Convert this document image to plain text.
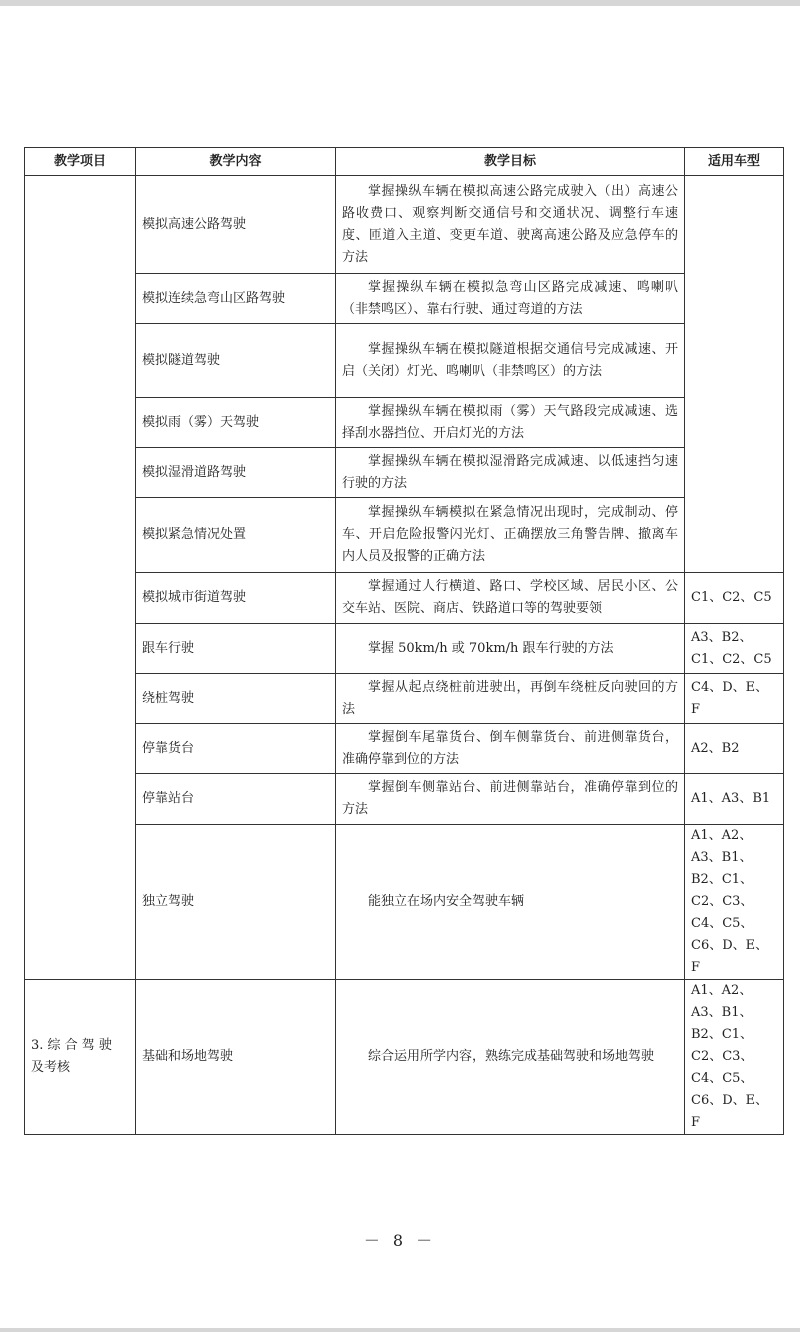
教学项目	教学内容	教学目标	适用车型
	模拟高速公路驾驶	掌握操纵车辆在模拟高速公路完成驶入（出）高速公路收费口、观察判断交通信号和交通状况、调整行车速度、匝道入主道、变更车道、驶离高速公路及应急停车的方法	
	模拟连续急弯山区路驾驶	掌握操纵车辆在模拟急弯山区路完成减速、鸣喇叭（非禁鸣区）、靠右行驶、通过弯道的方法	
	模拟隧道驾驶	掌握操纵车辆在模拟隧道根据交通信号完成减速、开启（关闭）灯光、鸣喇叭（非禁鸣区）的方法	
	模拟雨（雾）天驾驶	掌握操纵车辆在模拟雨（雾）天气路段完成减速、选择刮水器挡位、开启灯光的方法	
	模拟湿滑道路驾驶	掌握操纵车辆在模拟湿滑路完成减速、以低速挡匀速行驶的方法	
	模拟紧急情况处置	掌握操纵车辆模拟在紧急情况出现时，完成制动、停车、开启危险报警闪光灯、正确摆放三角警告牌、撤离车内人员及报警的正确方法	
	模拟城市街道驾驶	掌握通过人行横道、路口、学校区域、居民小区、公交车站、医院、商店、铁路道口等的驾驶要领	C1、C2、C5
	跟车行驶	掌握 50km/h 或 70km/h 跟车行驶的方法	A3、B2、C1、C2、C5
	绕桩驾驶	掌握从起点绕桩前进驶出，再倒车绕桩反向驶回的方法	C4、D、E、F
	停靠货台	掌握倒车尾靠货台、倒车侧靠货台、前进侧靠货台，准确停靠到位的方法	A2、B2
	停靠站台	掌握倒车侧靠站台、前进侧靠站台，准确停靠到位的方法	A1、A3、B1
	独立驾驶	能独立在场内安全驾驶车辆	A1、A2、A3、B1、B2、C1、C2、C3、C4、C5、C6、D、E、F
3. 综 合 驾 驶 及考核	基础和场地驾驶	综合运用所学内容，熟练完成基础驾驶和场地驾驶	A1、A2、A3、B1、B2、C1、C2、C3、C4、C5、C6、D、E、F
－ 8 －
